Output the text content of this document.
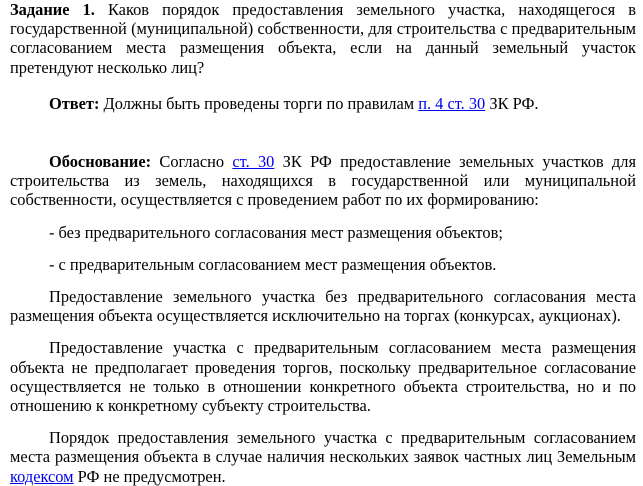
Задание 1. Каков порядок предоставления земельного участка, находящегося в государственной (муниципальной) собственности, для строительства с предварительным согласованием места размещения объекта, если на данный земельный участок претендуют несколько лиц?

Ответ: Должны быть проведены торги по правилам п. 4 ст. 30 ЗК РФ.

Обоснование: Согласно ст. 30 ЗК РФ предоставление земельных участков для строительства из земель, находящихся в государственной или муниципальной собственности, осуществляется с проведением работ по их формированию:

- без предварительного согласования мест размещения объектов;

- с предварительным согласованием мест размещения объектов.

Предоставление земельного участка без предварительного согласования места размещения объекта осуществляется исключительно на торгах (конкурсах, аукционах).

Предоставление участка с предварительным согласованием места размещения объекта не предполагает проведения торгов, поскольку предварительное согласование осуществляется не только в отношении конкретного объекта строительства, но и по отношению к конкретному субъекту строительства.

Порядок предоставления земельного участка с предварительным согласованием места размещения объекта в случае наличия нескольких заявок частных лиц Земельным кодексом РФ не предусмотрен.
